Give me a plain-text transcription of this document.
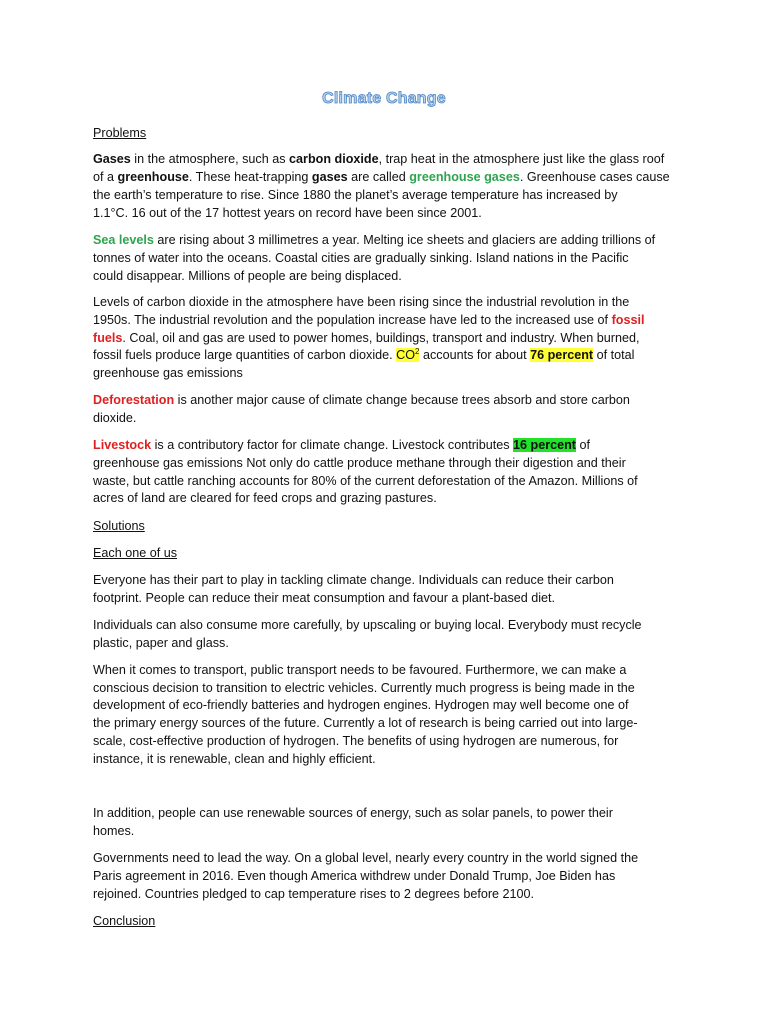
Climate Change
Problems
Gases in the atmosphere, such as carbon dioxide, trap heat in the atmosphere just like the glass roof
of a greenhouse. These heat-trapping gases are called greenhouse gases. Greenhouse cases cause
the earth’s temperature to rise. Since 1880 the planet’s average temperature has increased by
1.1°C. 16 out of the 17 hottest years on record have been since 2001.
Sea levels are rising about 3 millimetres a year. Melting ice sheets and glaciers are adding trillions of
tonnes of water into the oceans. Coastal cities are gradually sinking. Island nations in the Pacific
could disappear. Millions of people are being displaced.
Levels of carbon dioxide in the atmosphere have been rising since the industrial revolution in the
1950s. The industrial revolution and the population increase have led to the increased use of fossil
fuels. Coal, oil and gas are used to power homes, buildings, transport and industry. When burned,
fossil fuels produce large quantities of carbon dioxide. $CO^2$ accounts for about 76 percent of total
greenhouse gas emissions
Deforestation is another major cause of climate change because trees absorb and store carbon
dioxide.
Livestock is a contributory factor for climate change. Livestock contributes 16 percent of
greenhouse gas emissions Not only do cattle produce methane through their digestion and their
waste, but cattle ranching accounts for 80% of the current deforestation of the Amazon. Millions of
acres of land are cleared for feed crops and grazing pastures.
Solutions
Each one of us
Everyone has their part to play in tackling climate change. Individuals can reduce their carbon
footprint. People can reduce their meat consumption and favour a plant-based diet.
Individuals can also consume more carefully, by upscaling or buying local. Everybody must recycle
plastic, paper and glass.
When it comes to transport, public transport needs to be favoured. Furthermore, we can make a
conscious decision to transition to electric vehicles. Currently much progress is being made in the
development of eco-friendly batteries and hydrogen engines. Hydrogen may well become one of
the primary energy sources of the future. Currently a lot of research is being carried out into large-
scale, cost-effective production of hydrogen. The benefits of using hydrogen are numerous, for
instance, it is renewable, clean and highly efficient.
In addition, people can use renewable sources of energy, such as solar panels, to power their
homes.
Governments need to lead the way. On a global level, nearly every country in the world signed the
Paris agreement in 2016. Even though America withdrew under Donald Trump, Joe Biden has
rejoined. Countries pledged to cap temperature rises to 2 degrees before 2100.
Conclusion
